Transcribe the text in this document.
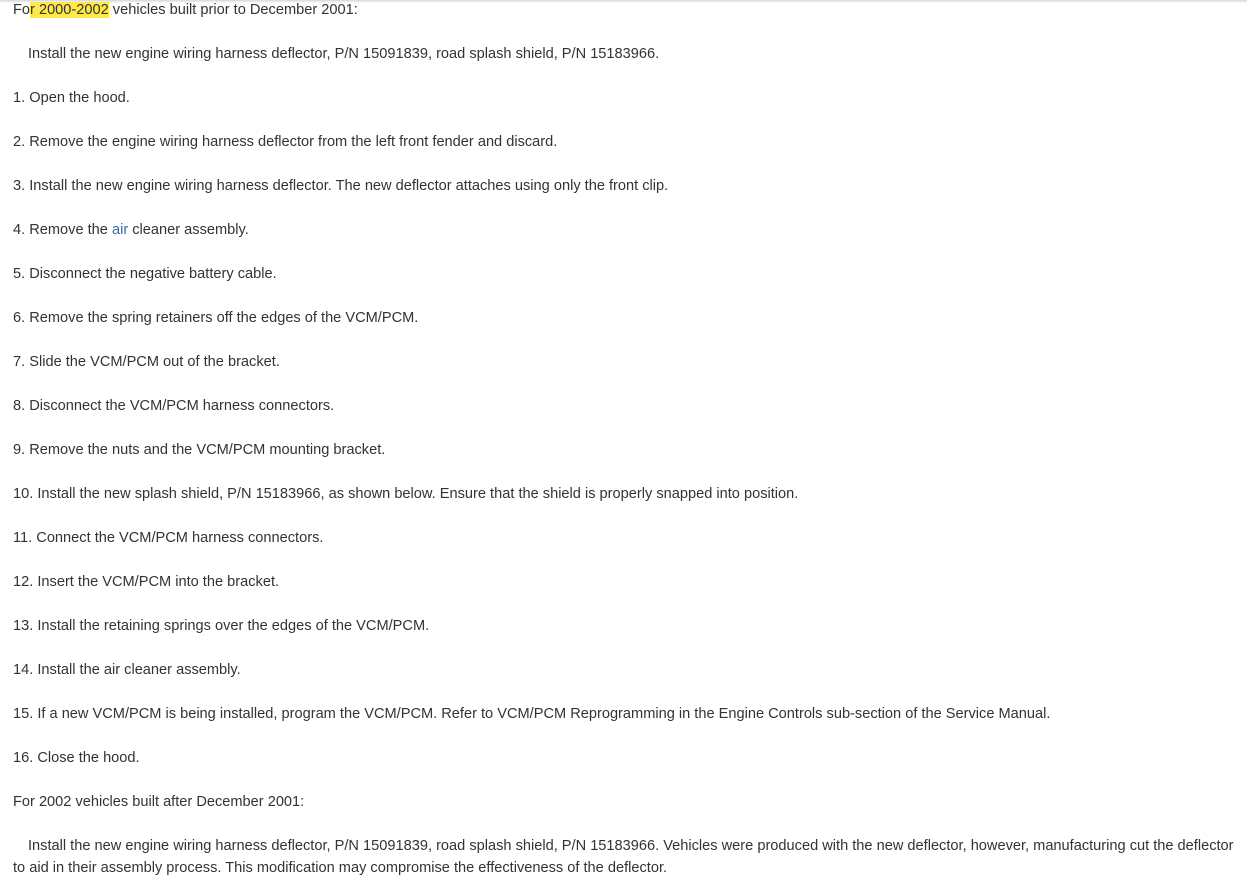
For 2000-2002 vehicles built prior to December 2001:
Install the new engine wiring harness deflector, P/N 15091839, road splash shield, P/N 15183966.
1. Open the hood.
2. Remove the engine wiring harness deflector from the left front fender and discard.
3. Install the new engine wiring harness deflector. The new deflector attaches using only the front clip.
4. Remove the air cleaner assembly.
5. Disconnect the negative battery cable.
6. Remove the spring retainers off the edges of the VCM/PCM.
7. Slide the VCM/PCM out of the bracket.
8. Disconnect the VCM/PCM harness connectors.
9. Remove the nuts and the VCM/PCM mounting bracket.
10. Install the new splash shield, P/N 15183966, as shown below. Ensure that the shield is properly snapped into position.
11. Connect the VCM/PCM harness connectors.
12. Insert the VCM/PCM into the bracket.
13. Install the retaining springs over the edges of the VCM/PCM.
14. Install the air cleaner assembly.
15. If a new VCM/PCM is being installed, program the VCM/PCM. Refer to VCM/PCM Reprogramming in the Engine Controls sub-section of the Service Manual.
16. Close the hood.
For 2002 vehicles built after December 2001:
Install the new engine wiring harness deflector, P/N 15091839, road splash shield, P/N 15183966. Vehicles were produced with the new deflector, however, manufacturing cut the deflector to aid in their assembly process. This modification may compromise the effectiveness of the deflector.
